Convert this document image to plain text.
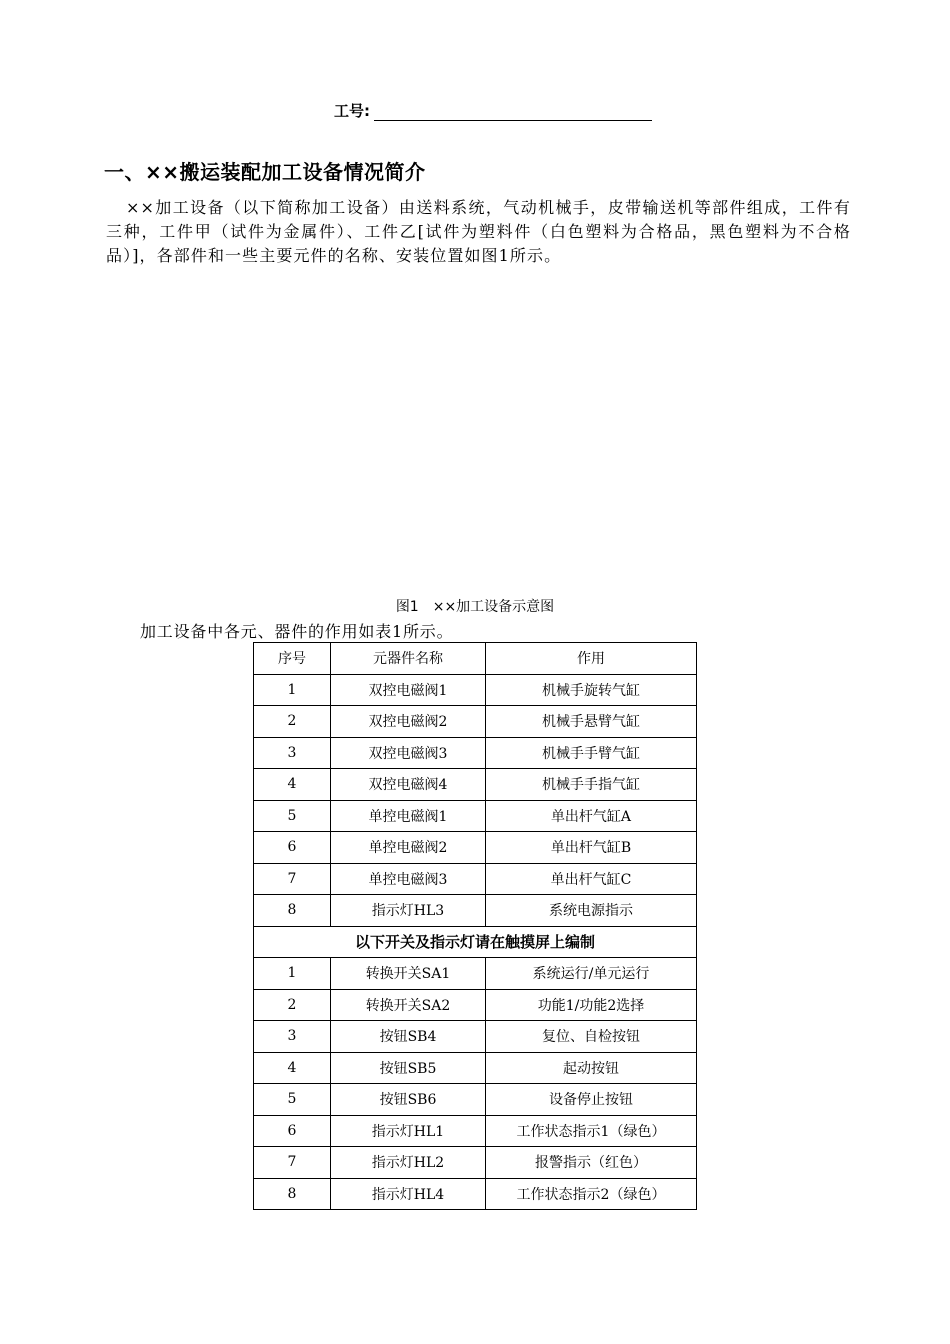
工号:
一、××搬运装配加工设备情况简介

××加工设备（以下简称加工设备）由送料系统，气动机械手，皮带输送机等部件组成，工件有三种，工件甲（试件为金属件）、工件乙[试件为塑料件（白色塑料为合格品，黑色塑料为不合格品）]，各部件和一些主要元件的名称、安装位置如图1所示。

图1　××加工设备示意图
加工设备中各元、器件的作用如表1所示。
序号	元器件名称	作用
1	双控电磁阀1	机械手旋转气缸
2	双控电磁阀2	机械手悬臂气缸
3	双控电磁阀3	机械手手臂气缸
4	双控电磁阀4	机械手手指气缸
5	单控电磁阀1	单出杆气缸A
6	单控电磁阀2	单出杆气缸B
7	单控电磁阀3	单出杆气缸C
8	指示灯HL3	系统电源指示
以下开关及指示灯请在触摸屏上编制		
1	转换开关SA1	系统运行/单元运行
2	转换开关SA2	功能1/功能2选择
3	按钮SB4	复位、自检按钮
4	按钮SB5	起动按钮
5	按钮SB6	设备停止按钮
6	指示灯HL1	工作状态指示1（绿色）
7	指示灯HL2	报警指示（红色）
8	指示灯HL4	工作状态指示2（绿色）
